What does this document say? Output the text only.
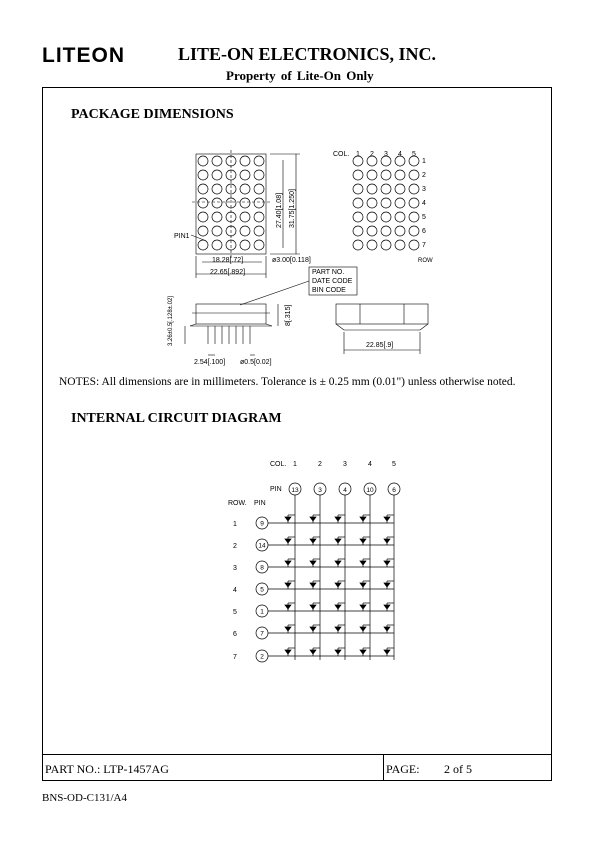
LITEON	LITE-ON ELECTRONICS, INC.
Property of Lite-On Only
PACKAGE DIMENSIONS
18.28[.72]
22.65[.892]
ø3.00[0.118]
PIN1
27.40[1.08] 31.75[1.250]
PART NO.
DATE CODE
BIN CODE
2.54[.100] ø0.5[0.02]
8[.315]
3.26±0.5[.128±.02]	22.85[.9]
COL.
ROW
1 2 3 4 5
1
2
3
4
5
6
7
NOTES: All dimensions are in millimeters. Tolerance is ± 0.25 mm (0.01") unless otherwise noted.
INTERNAL CIRCUIT DIAGRAM
COL.
PIN
ROW. PIN
1	2	3	4	5
13	3	4	10	6
1	9
2	14
3	8
4	5
5	1
6	7
7	2
PART NO.: LTP-1457AG	PAGE: 2 of 5
BNS-OD-C131/A4
